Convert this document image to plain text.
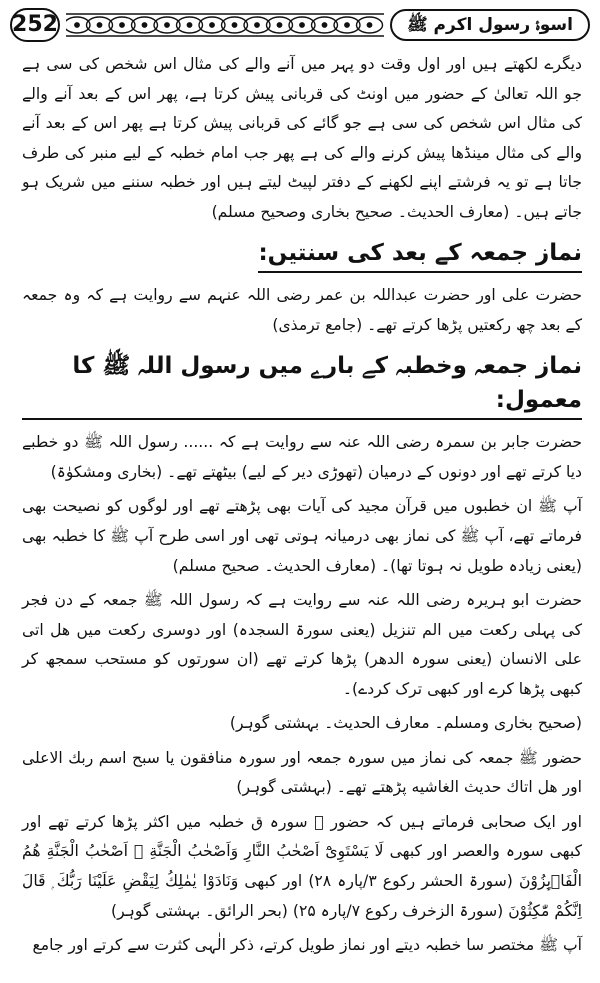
252	اسوۂ رسول اکرم ﷺ

دیگرے لکھتے ہیں اور اول وقت دو پہر میں آنے والے کی مثال اس شخص کی سی ہے جو اللہ تعالیٰ کے حضور میں اونٹ کی قربانی پیش کرتا ہے، پھر اس کے بعد آنے والے کی مثال اس شخص کی سی ہے جو گائے کی قربانی پیش کرتا ہے پھر اس کے بعد آنے والے کی مثال مینڈھا پیش کرنے والے کی ہے پھر جب امام خطبہ کے لیے منبر کی طرف جاتا ہے تو یہ فرشتے اپنے لکھنے کے دفتر لپیٹ لیتے ہیں اور خطبہ سننے میں شریک ہو جاتے ہیں۔ (معارف الحدیث۔ صحیح بخاری وصحیح مسلم)

نماز جمعہ کے بعد کی سنتیں:

حضرت علی اور حضرت عبداللہ بن عمر رضی اللہ عنہم سے روایت ہے کہ وہ جمعہ کے بعد چھ رکعتیں پڑھا کرتے تھے۔ (جامع ترمذی)

نماز جمعہ وخطبہ کے بارے میں رسول اللہ ﷺ کا معمول:

حضرت جابر بن سمرہ رضی اللہ عنہ سے روایت ہے کہ ...... رسول اللہ ﷺ دو خطبے دیا کرتے تھے اور دونوں کے درمیان (تھوڑی دیر کے لیے) بیٹھتے تھے۔ (بخاری ومشکوٰۃ)

آپ ﷺ ان خطبوں میں قرآن مجید کی آیات بھی پڑھتے تھے اور لوگوں کو نصیحت بھی فرماتے تھے، آپ ﷺ کی نماز بھی درمیانہ ہوتی تھی اور اسی طرح آپ ﷺ کا خطبہ بھی (یعنی زیادہ طویل نہ ہوتا تھا)۔ (معارف الحدیث۔ صحیح مسلم)

حضرت ابو ہریرہ رضی اللہ عنہ سے روایت ہے کہ رسول اللہ ﷺ جمعہ کے دن فجر کی پہلی رکعت میں الم تنزیل (یعنی سورۃ السجدہ) اور دوسری رکعت میں هل اتى على الانسان (یعنی سورہ الدھر) پڑھا کرتے تھے (ان سورتوں کو مستحب سمجھ کر کبھی پڑھا کرے اور کبھی ترک کردے)۔

(صحیح بخاری ومسلم۔ معارف الحدیث۔ بہشتی گوہر)

حضور ﷺ جمعہ کی نماز میں سورہ جمعہ اور سورہ منافقون یا سبح اسم ربك الاعلى اور هل اتاك حديث الغاشيه پڑھتے تھے۔ (بہشتی گوہر)

اور ایک صحابی فرماتے ہیں کہ حضور ﷺ سورہ ق خطبہ میں اکثر پڑھا کرتے تھے اور کبھی سورہ والعصر اور کبھی لَا يَسْتَوِىْٓ اَصْحٰبُ النَّارِ وَاَصْحٰبُ الْجَنَّةِ ۭ اَصْحٰبُ الْجَنَّةِ هُمُ الْفَاۗىِٕزُوْنَ (سورۃ الحشر رکوع ۳/پارہ ۲۸) اور کبھی وَنَادَوْا يٰمٰلِكُ لِيَقْضِ عَلَيْنَا رَبُّكَ ۭ قَالَ اِنَّكُمْ مّٰكِثُوْنَ (سورۃ الزخرف رکوع ۷/پارہ ۲۵) (بحر الرائق۔ بہشتی گوہر)

آپ ﷺ مختصر سا خطبہ دیتے اور نماز طویل کرتے، ذکر الٰہی کثرت سے کرتے اور جامع
